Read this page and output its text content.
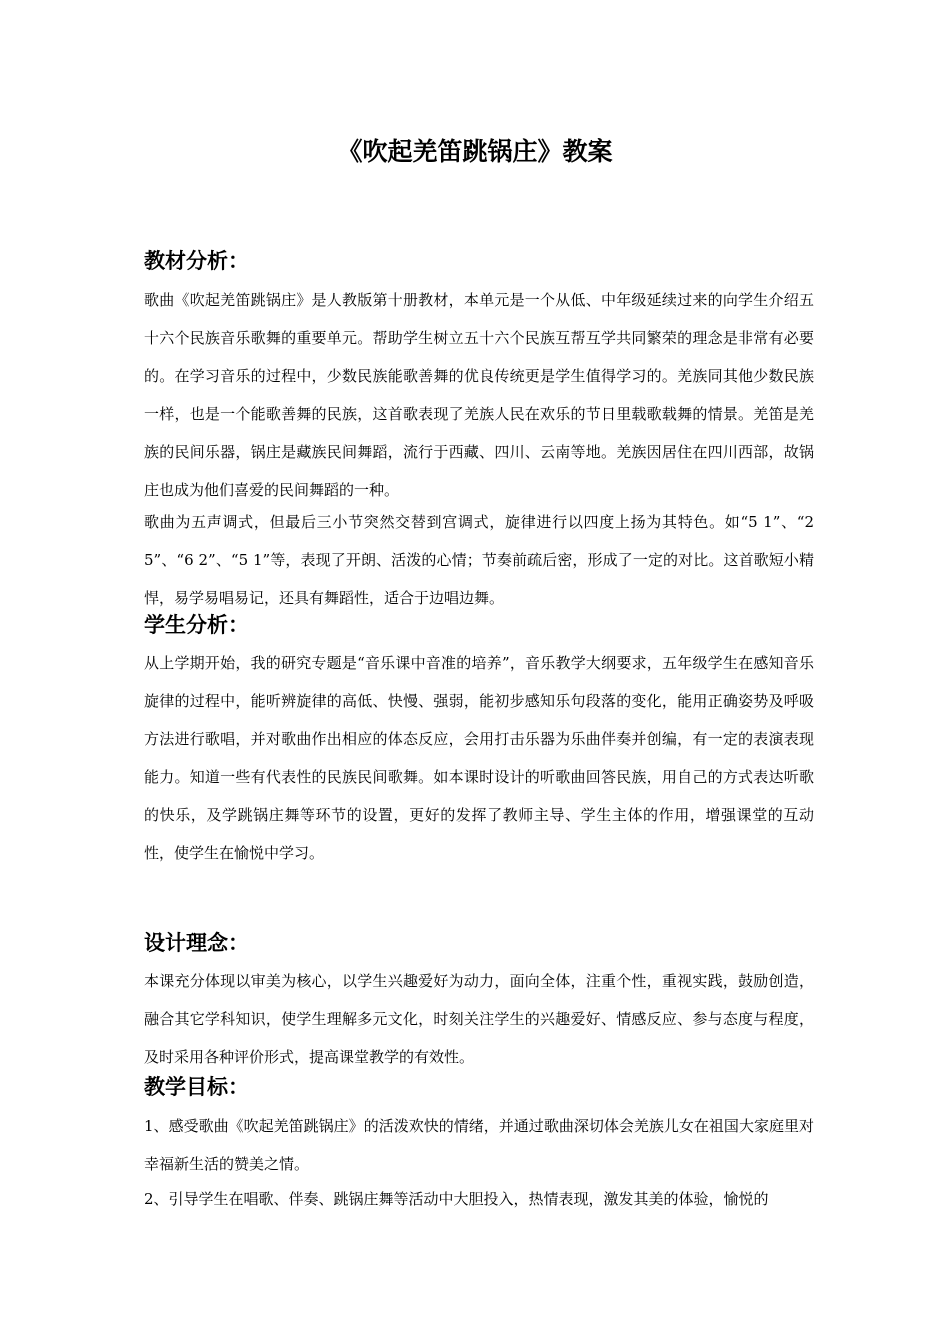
《吹起羌笛跳锅庄》教案
教材分析：

歌曲《吹起羌笛跳锅庄》是人教版第十册教材，本单元是一个从低、中年级延续过来的向学生介绍五十六个民族音乐歌舞的重要单元。帮助学生树立五十六个民族互帮互学共同繁荣的理念是非常有必要的。在学习音乐的过程中，少数民族能歌善舞的优良传统更是学生值得学习的。羌族同其他少数民族一样，也是一个能歌善舞的民族，这首歌表现了羌族人民在欢乐的节日里载歌载舞的情景。羌笛是羌族的民间乐器，锅庄是藏族民间舞蹈，流行于西藏、四川、云南等地。羌族因居住在四川西部，故锅庄也成为他们喜爱的民间舞蹈的一种。

歌曲为五声调式，但最后三小节突然交替到宫调式，旋律进行以四度上扬为其特色。如“5 1”、“2 5”、“6 2”、“5 1”等，表现了开朗、活泼的心情；节奏前疏后密，形成了一定的对比。这首歌短小精悍，易学易唱易记，还具有舞蹈性，适合于边唱边舞。

学生分析：

从上学期开始，我的研究专题是“音乐课中音准的培养”，音乐教学大纲要求，五年级学生在感知音乐旋律的过程中，能听辨旋律的高低、快慢、强弱，能初步感知乐句段落的变化，能用正确姿势及呼吸方法进行歌唱，并对歌曲作出相应的体态反应，会用打击乐器为乐曲伴奏并创编，有一定的表演表现能力。知道一些有代表性的民族民间歌舞。如本课时设计的听歌曲回答民族，用自己的方式表达听歌的快乐，及学跳锅庄舞等环节的设置，更好的发挥了教师主导、学生主体的作用，增强课堂的互动性，使学生在愉悦中学习。

设计理念：

本课充分体现以审美为核心，以学生兴趣爱好为动力，面向全体，注重个性，重视实践，鼓励创造，融合其它学科知识，使学生理解多元文化，时刻关注学生的兴趣爱好、情感反应、参与态度与程度，及时采用各种评价形式，提高课堂教学的有效性。

教学目标：

1、感受歌曲《吹起羌笛跳锅庄》的活泼欢快的情绪，并通过歌曲深切体会羌族儿女在祖国大家庭里对幸福新生活的赞美之情。

2、引导学生在唱歌、伴奏、跳锅庄舞等活动中大胆投入，热情表现，激发其美的体验，愉悦的
